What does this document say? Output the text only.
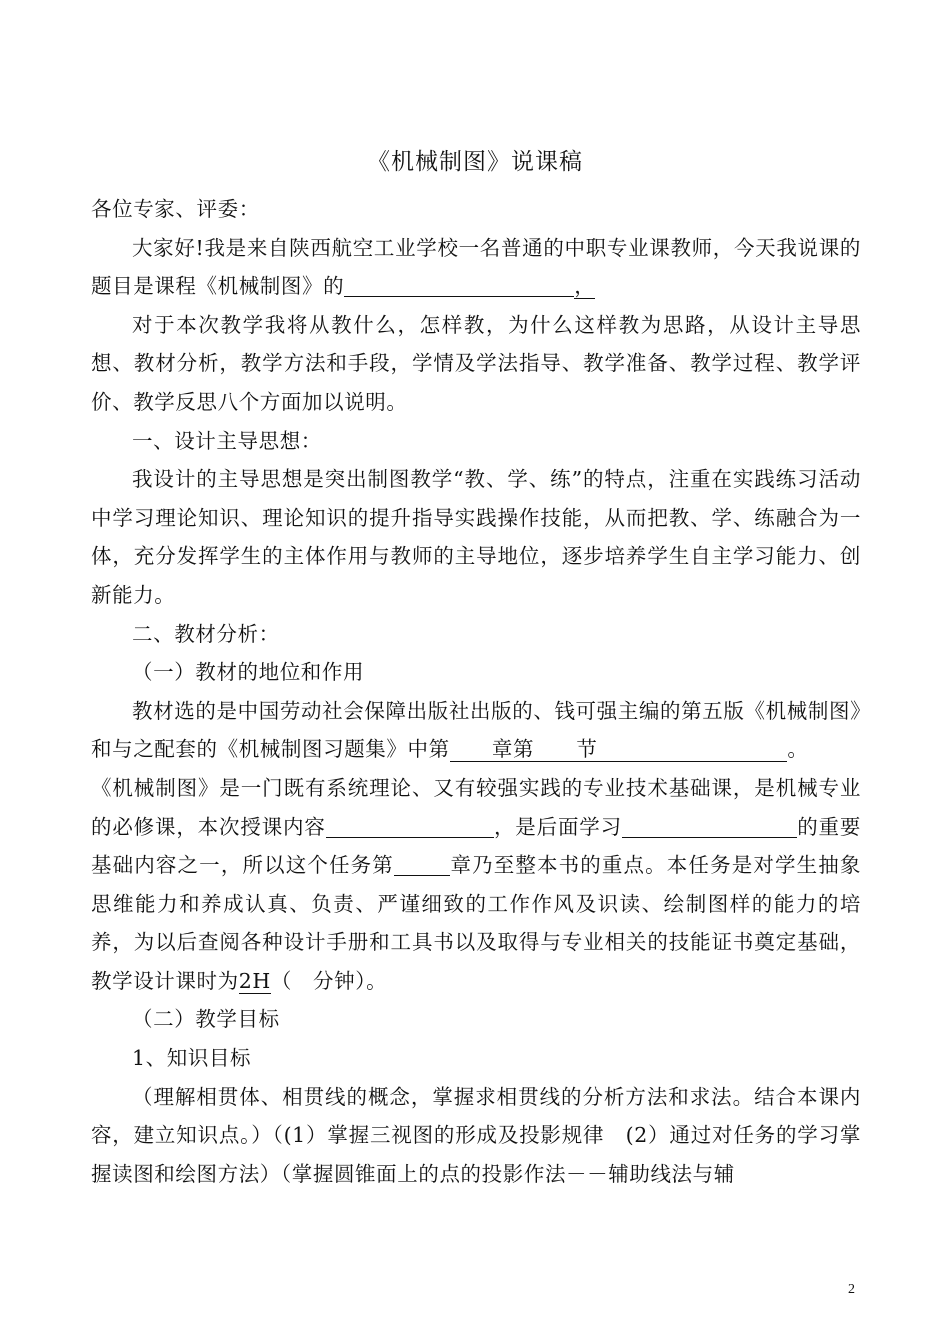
《机械制图》说课稿

各位专家、评委：

大家好!我是来自陕西航空工业学校一名普通的中职专业课教师，今天我说课的题目是课程《机械制图》的	，

对于本次教学我将从教什么，怎样教，为什么这样教为思路，从设计主导思想、教材分析，教学方法和手段，学情及学法指导、教学准备、教学过程、教学评价、教学反思八个方面加以说明。

一、设计主导思想：

我设计的主导思想是突出制图教学“教、学、练”的特点，注重在实践练习活动中学习理论知识、理论知识的提升指导实践操作技能，从而把教、学、练融合为一体，充分发挥学生的主体作用与教师的主导地位，逐步培养学生自主学习能力、创新能力。

二、教材分析：

（一）教材的地位和作用

教材选的是中国劳动社会保障出版社出版的、钱可强主编的第五版《机械制图》和与之配套的《机械制图习题集》中第   章第   节         	。

《机械制图》是一门既有系统理论、又有较强实践的专业技术基础课，是机械专业的必修课，本次授课内容	，是后面学习	的重要基础内容之一，所以这个任务第	章乃至整本书的重点。本任务是对学生抽象思维能力和养成认真、负责、严谨细致的工作作风及识读、绘制图样的能力的培养，为以后查阅各种设计手册和工具书以及取得与专业相关的技能证书奠定基础，教学设计课时为2H（　分钟）。

（二）教学目标

1、知识目标

（理解相贯体、相贯线的概念，掌握求相贯线的分析方法和求法。结合本课内容，建立知识点。）（(1）掌握三视图的形成及投影规律　(2）通过对任务的学习掌握读图和绘图方法）（掌握圆锥面上的点的投影作法－－辅助线法与辅

2
